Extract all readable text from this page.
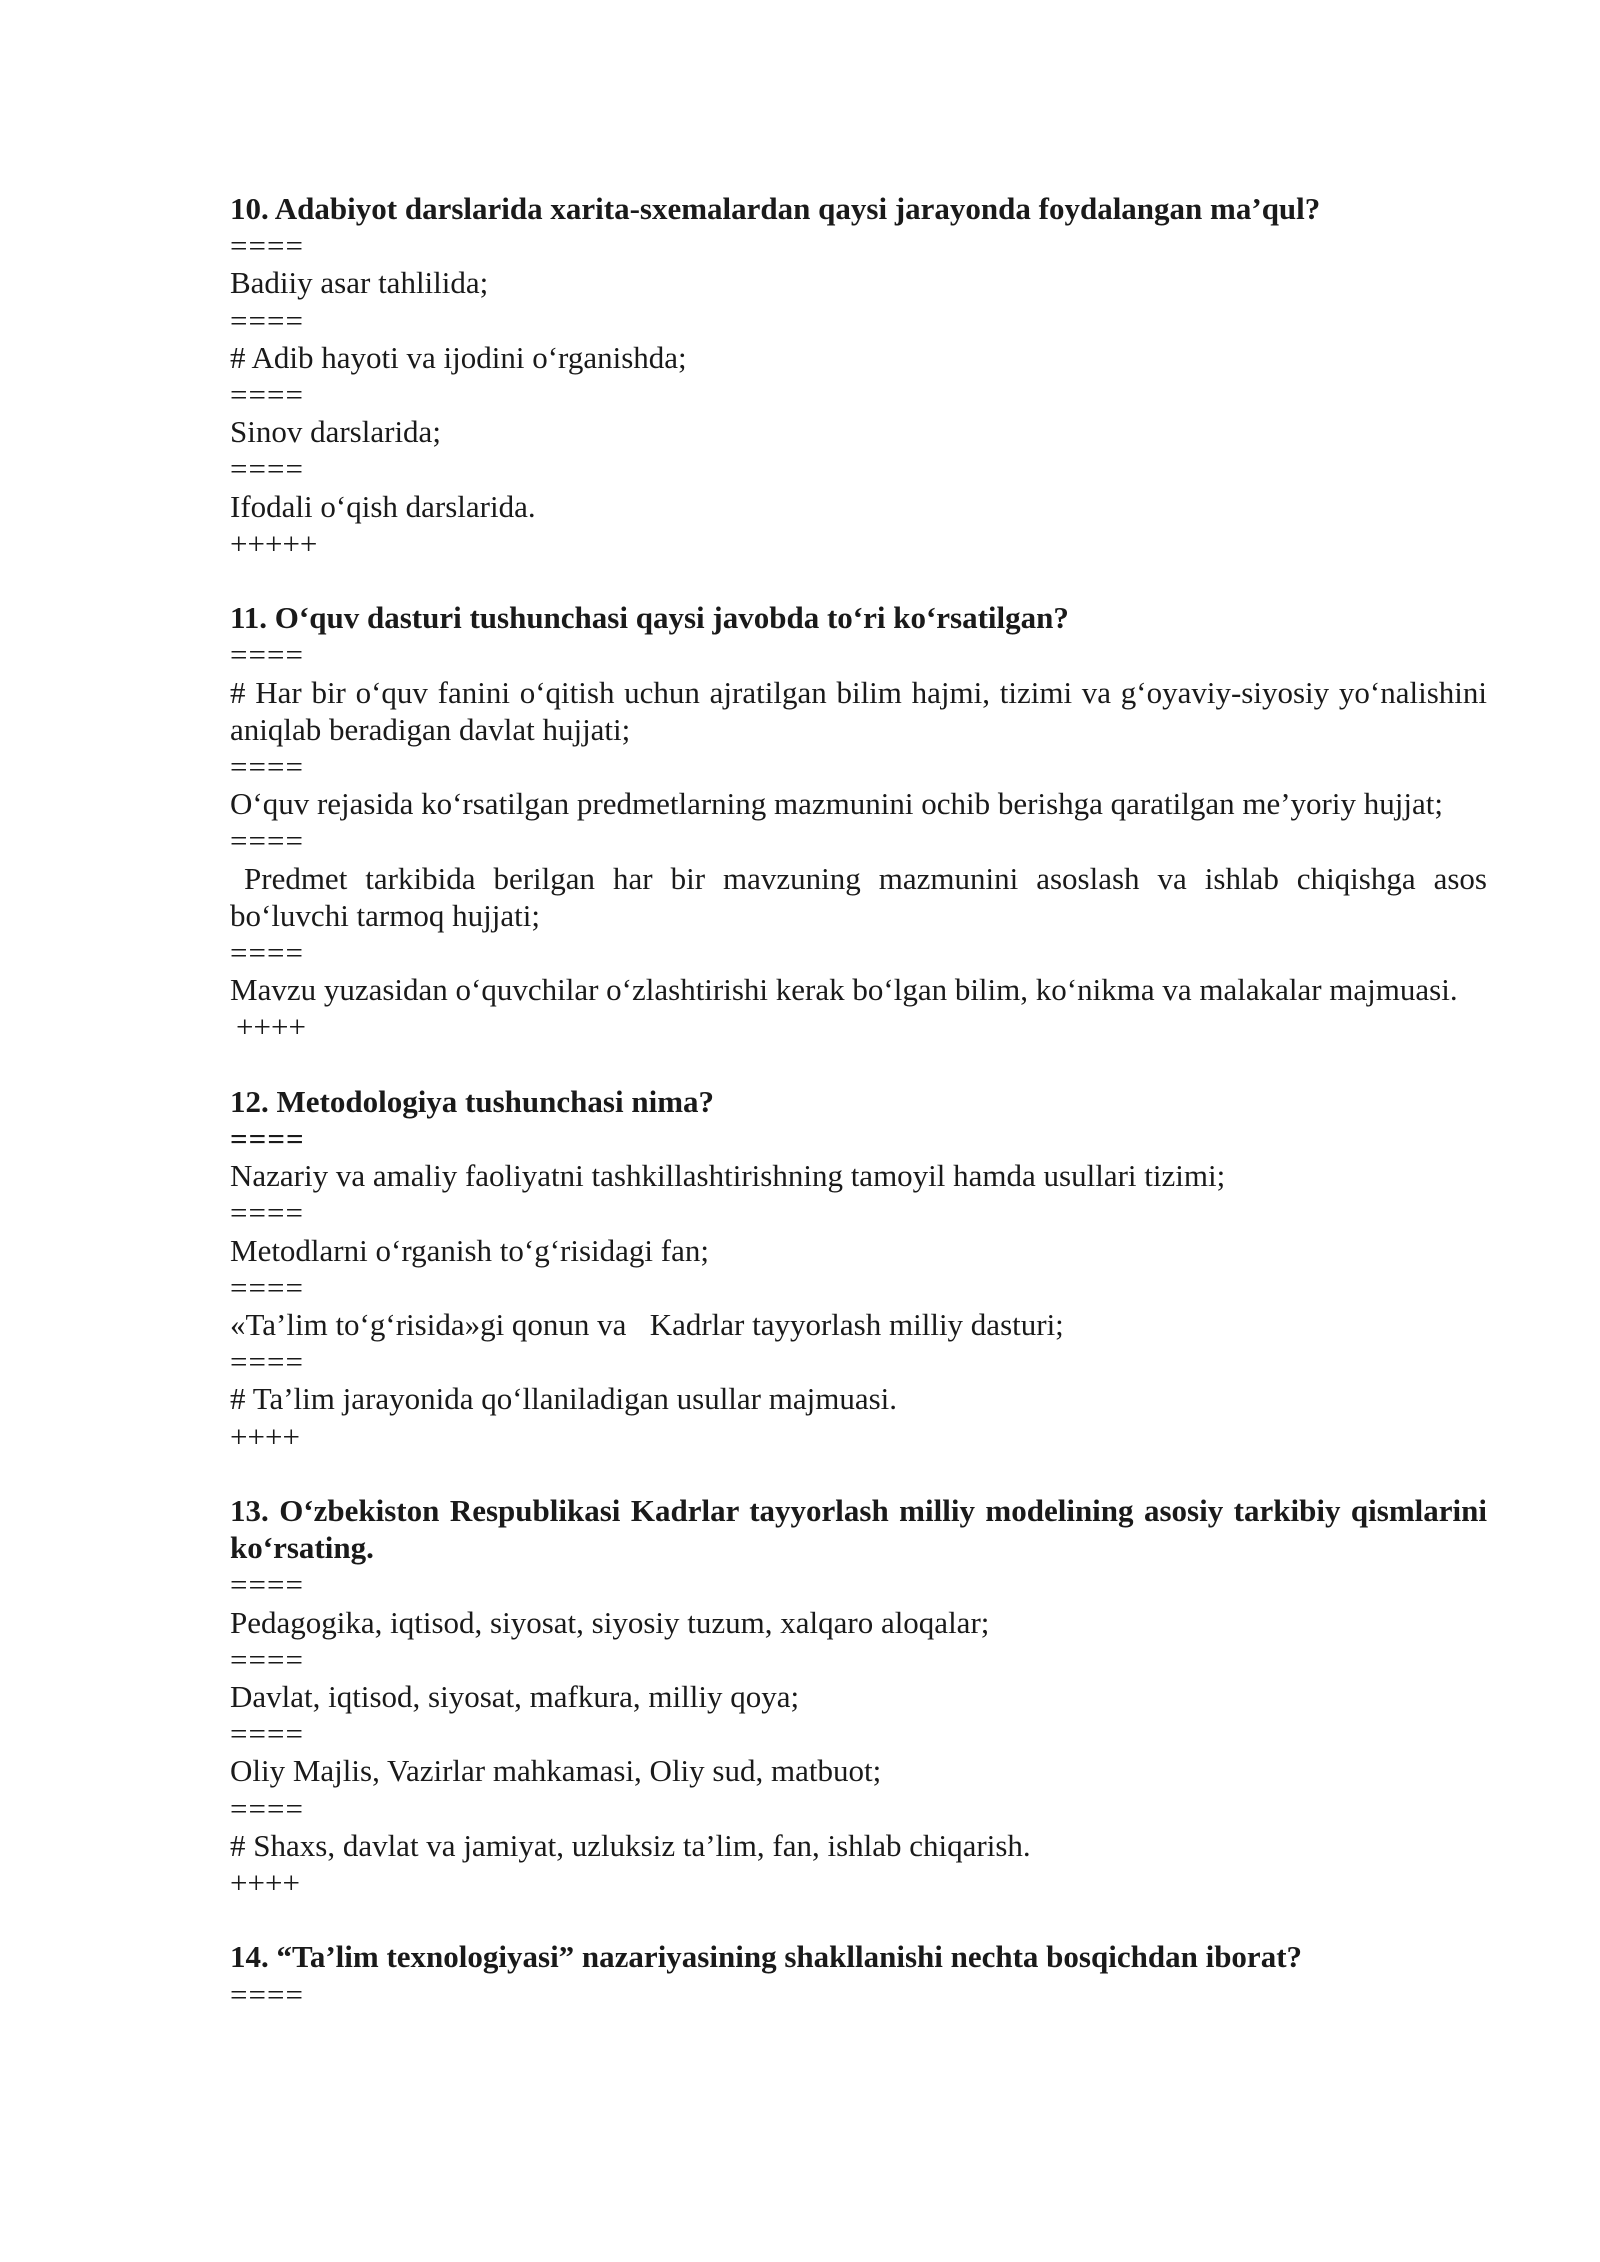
10. Adabiyot darslarida xarita-sxemalardan qaysi jarayonda foydalangan ma’qul?
====
Badiiy asar tahlilida;
====
# Adib hayoti va ijodini o‘rganishda;
====
Sinov darslarida;
====
Ifodali o‘qish darslarida.
+++++
11. O‘quv dasturi tushunchasi qaysi javobda to‘ri ko‘rsatilgan?
====
# Har bir o‘quv fanini o‘qitish uchun ajratilgan bilim hajmi, tizimi va g‘oyaviy-siyosiy yo‘nalishini aniqlab beradigan davlat hujjati;
====
O‘quv rejasida ko‘rsatilgan predmetlarning mazmunini ochib berishga qaratilgan me’yoriy hujjat;
====
Predmet tarkibida berilgan har bir mavzuning mazmunini asoslash va ishlab chiqishga asos bo‘luvchi tarmoq hujjati;
====
Mavzu yuzasidan o‘quvchilar o‘zlashtirishi kerak bo‘lgan bilim, ko‘nikma va malakalar majmuasi.
++++
12. Metodologiya tushunchasi nima?
====
Nazariy va amaliy faoliyatni tashkillashtirishning tamoyil hamda usullari tizimi;
====
Metodlarni o‘rganish to‘g‘risidagi fan;
====
«Ta’lim to‘g‘risida»gi qonun va   Kadrlar tayyorlash milliy dasturi;
====
# Ta’lim jarayonida qo‘llaniladigan usullar majmuasi.
++++
13. O‘zbekiston Respublikasi Kadrlar tayyorlash milliy modelining asosiy tarkibiy qismlarini ko‘rsating.
====
Pedagogika, iqtisod, siyosat, siyosiy tuzum, xalqaro aloqalar;
====
Davlat, iqtisod, siyosat, mafkura, milliy qoya;
====
Oliy Majlis, Vazirlar mahkamasi, Oliy sud, matbuot;
====
# Shaxs, davlat va jamiyat, uzluksiz ta’lim, fan, ishlab chiqarish.
++++
14. “Ta’lim texnologiyasi” nazariyasining shakllanishi nechta bosqichdan iborat?
====
